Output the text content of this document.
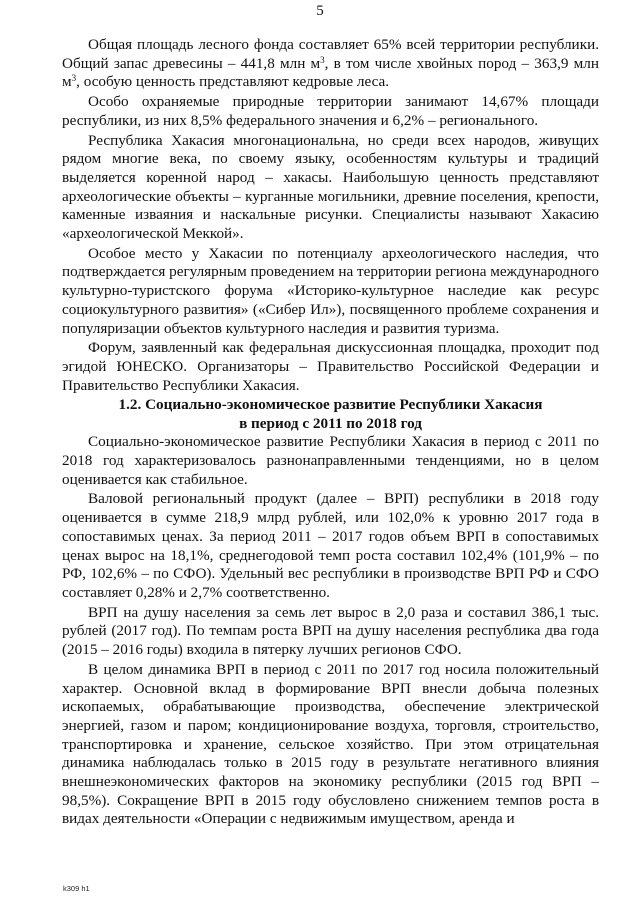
5

Общая площадь лесного фонда составляет 65% всей территории республики. Общий запас древесины – 441,8 млн $м^3$, в том числе хвойных пород – 363,9 млн $м^3$, особую ценность представляют кедровые леса.

Особо охраняемые природные территории занимают 14,67% площади республики, из них 8,5% федерального значения и 6,2% – регионального.

Республика Хакасия многонациональна, но среди всех народов, живущих рядом многие века, по своему языку, особенностям культуры и традиций выделяется коренной народ – хакасы. Наибольшую ценность представляют археологические объекты – курганные могильники, древние поселения, крепости, каменные изваяния и наскальные рисунки. Специалисты называют Хакасию «археологической Меккой».

Особое место у Хакасии по потенциалу археологического наследия, что подтверждается регулярным проведением на территории региона международного культурно-туристского форума «Историко-культурное наследие как ресурс социокультурного развития» («Сибер Ил»), посвященного проблеме сохранения и популяризации объектов культурного наследия и развития туризма.

Форум, заявленный как федеральная дискуссионная площадка, проходит под эгидой ЮНЕСКО. Организаторы – Правительство Российской Федерации и Правительство Республики Хакасия.

1.2. Социально-экономическое развитие Республики Хакасия
в период с 2011 по 2018 год

Социально-экономическое развитие Республики Хакасия в период с 2011 по 2018 год характеризовалось разнонаправленными тенденциями, но в целом оценивается как стабильное.

Валовой региональный продукт (далее – ВРП) республики в 2018 году оценивается в сумме 218,9 млрд рублей, или 102,0% к уровню 2017 года в сопоставимых ценах. За период 2011 – 2017 годов объем ВРП в сопоставимых ценах вырос на 18,1%, среднегодовой темп роста составил 102,4% (101,9% – по РФ, 102,6% – по СФО). Удельный вес республики в производстве ВРП РФ и СФО составляет 0,28% и 2,7% соответственно.

ВРП на душу населения за семь лет вырос в 2,0 раза и составил 386,1 тыс. рублей (2017 год). По темпам роста ВРП на душу населения республика два года (2015 – 2016 годы) входила в пятерку лучших регионов СФО.

В целом динамика ВРП в период с 2011 по 2017 год носила положительный характер. Основной вклад в формирование ВРП внесли добыча полезных ископаемых, обрабатывающие производства, обеспечение электрической энергией, газом и паром; кондиционирование воздуха, торговля, строительство, транспортировка и хранение, сельское хозяйство. При этом отрицательная динамика наблюдалась только в 2015 году в результате негативного влияния внешнеэкономических факторов на экономику республики (2015 год ВРП – 98,5%). Сокращение ВРП в 2015 году обусловлено снижением темпов роста в видах деятельности «Операции с недвижимым имуществом, аренда и

k309 h1
